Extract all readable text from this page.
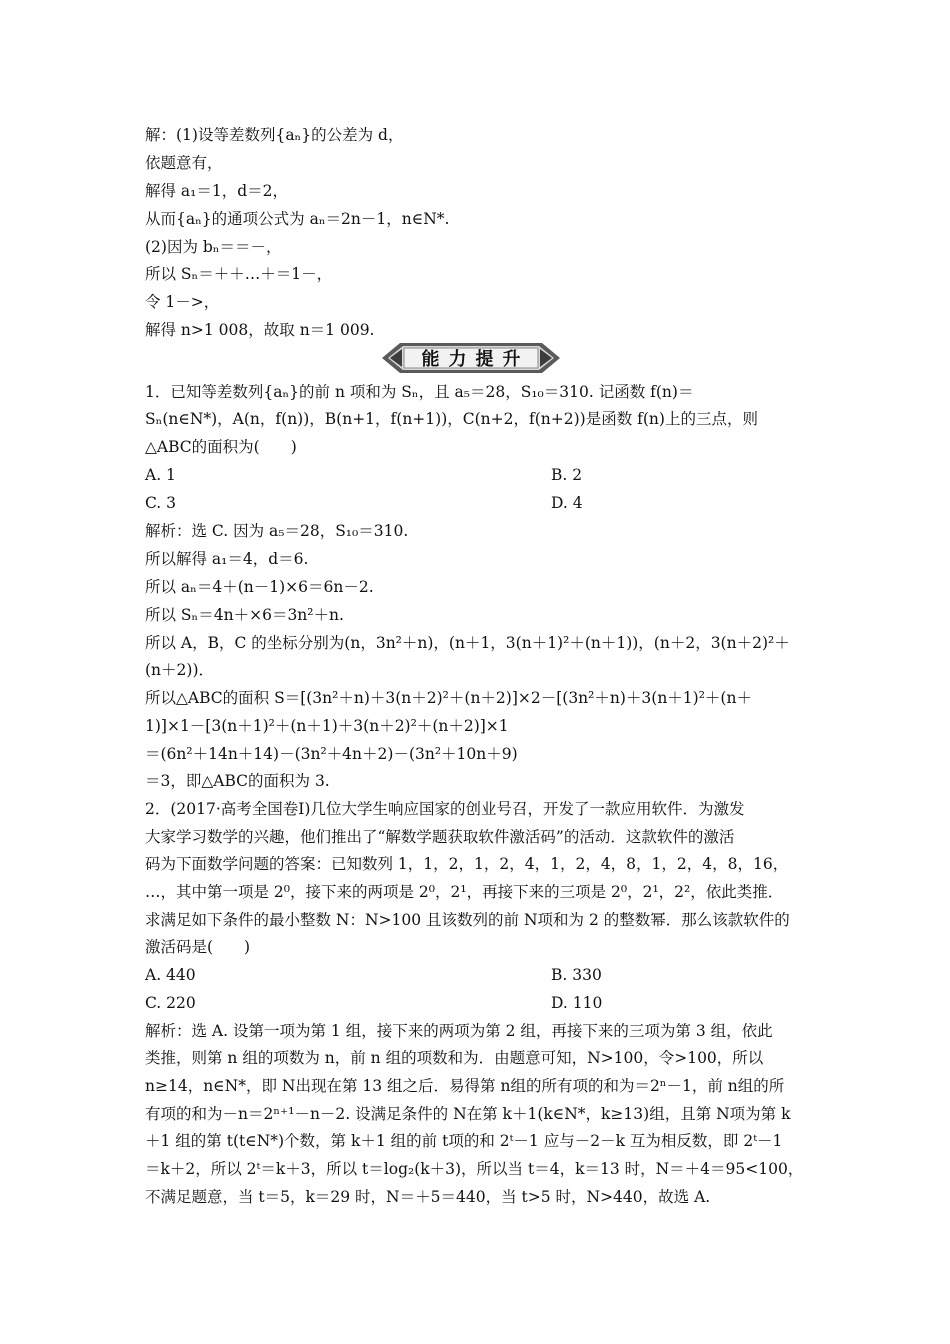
解：(1)设等差数列{aₙ}的公差为 d，
依题意有，
解得 a₁＝1，d＝2，
从而{aₙ}的通项公式为 aₙ＝2n－1，n∈N*.
(2)因为 bₙ＝＝－，
所以 Sₙ＝＋＋…＋＝1－，
令 1－>，
解得 n>1 008，故取 n＝1 009.
能力提升
1．已知等差数列{aₙ}的前 n 项和为 Sₙ，且 a₅＝28，S₁₀＝310. 记函数 f(n)＝
Sₙ(n∈N*)，A(n，f(n))，B(n+1，f(n+1))，C(n+2，f(n+2))是函数 f(n)上的三点，则
△ABC的面积为(　　)
A. 1	B. 2
C. 3	D. 4
解析：选 C. 因为 a₅＝28，S₁₀＝310.
所以解得 a₁＝4，d＝6.
所以 aₙ＝4＋(n－1)×6＝6n－2.
所以 Sₙ＝4n＋×6＝3n²＋n.
所以 A，B，C 的坐标分别为(n，3n²＋n)，(n＋1，3(n＋1)²＋(n＋1))，(n＋2，3(n＋2)²＋
(n＋2))．
所以△ABC的面积 S＝[(3n²＋n)＋3(n＋2)²＋(n＋2)]×2－[(3n²＋n)＋3(n＋1)²＋(n＋
1)]×1－[3(n＋1)²＋(n＋1)＋3(n＋2)²＋(n＋2)]×1
＝(6n²＋14n＋14)－(3n²＋4n＋2)－(3n²＋10n＋9)
＝3，即△ABC的面积为 3.
2．(2017·高考全国卷Ⅰ)几位大学生响应国家的创业号召，开发了一款应用软件．为激发
大家学习数学的兴趣，他们推出了“解数学题获取软件激活码”的活动．这款软件的激活
码为下面数学问题的答案：已知数列 1，1，2，1，2，4，1，2，4，8，1，2，4，8，16，
…，其中第一项是 2⁰，接下来的两项是 2⁰，2¹，再接下来的三项是 2⁰，2¹，2²，依此类推．
求满足如下条件的最小整数 N：N>100 且该数列的前 N项和为 2 的整数幂．那么该款软件的
激活码是(　　)
A. 440	B. 330
C. 220	D. 110
解析：选 A. 设第一项为第 1 组，接下来的两项为第 2 组，再接下来的三项为第 3 组，依此
类推，则第 n 组的项数为 n，前 n 组的项数和为．由题意可知，N>100，令>100，所以
n≥14，n∈N*，即 N出现在第 13 组之后．易得第 n组的所有项的和为＝2ⁿ－1，前 n组的所
有项的和为－n＝2ⁿ⁺¹－n－2. 设满足条件的 N在第 k＋1(k∈N*，k≥13)组，且第 N项为第 k
＋1 组的第 t(t∈N*)个数，第 k＋1 组的前 t项的和 2ᵗ－1 应与－2－k 互为相反数，即 2ᵗ－1
＝k＋2，所以 2ᵗ＝k＋3，所以 t＝log₂(k＋3)，所以当 t＝4，k＝13 时，N＝＋4＝95<100，
不满足题意，当 t＝5，k＝29 时，N＝＋5＝440，当 t>5 时，N>440，故选 A.
